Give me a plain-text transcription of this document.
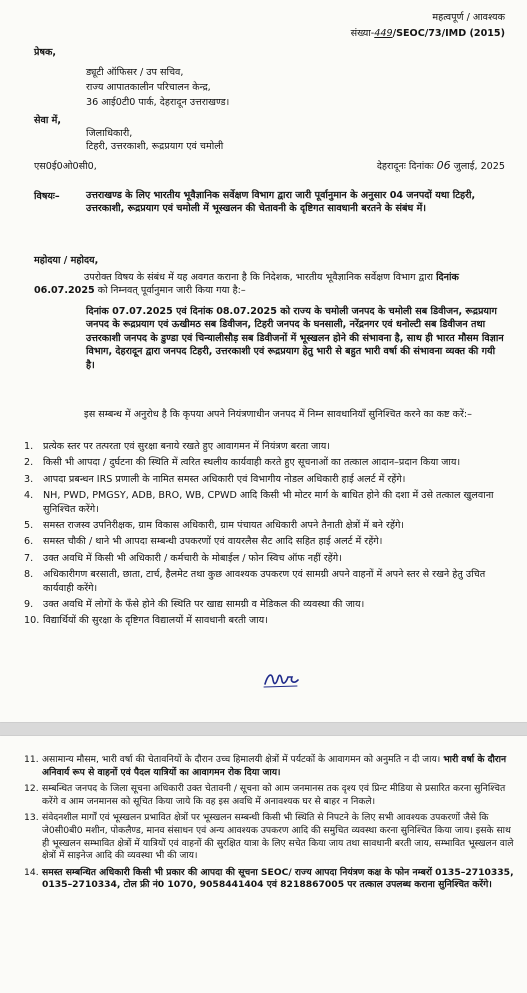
महत्वपूर्ण / आवश्यक
संख्या-449/SEOC/73/IMD (2015)
प्रेषक,
ड्यूटी ऑफिसर / उप सचिव,
राज्य आपातकालीन परिचालन केन्द्र,
36 आई0टी0 पार्क, देहरादून उत्तराखण्ड।
सेवा में,
जिलाधिकारी,
टिहरी, उत्तरकाशी, रूद्रप्रयाग एवं चमोली
एस0ई0ओ0सी0,	देहरादूनः दिनांकः 06 जुलाई, 2025
विषयः–	उत्तराखण्ड के लिए भारतीय भूवैज्ञानिक सर्वेक्षण विभाग द्वारा जारी पूर्वानुमान के अनुसार 04 जनपदों यथा टिहरी, उत्तरकाशी, रूद्रप्रयाग एवं चमोली में भूस्खलन की चेतावनी के दृष्टिगत सावधानी बरतने के संबंध में।
महोदया / महोदय,
उपरोक्त विषय के संबंध में यह अवगत कराना है कि निदेशक, भारतीय भूवैज्ञानिक सर्वेक्षण विभाग द्वारा दिनांक 06.07.2025 को निम्नवत् पूर्वानुमान जारी किया गया है:–
दिनांक 07.07.2025 एवं दिनांक 08.07.2025 को राज्य के चमोली जनपद के चमोली सब डिवीजन, रूद्रप्रयाग जनपद के रूद्रप्रयाग एवं ऊखीमठ सब डिवीजन, टिहरी जनपद के घनसाली, नरेंद्रनगर एवं धनोल्टी सब डिवीजन तथा उत्तरकाशी जनपद के डुण्डा एवं चिन्यालीसौड़ सब डिवीजनों में भूस्खलन होने की संभावना है, साथ ही भारत मौसम विज्ञान विभाग, देहरादून द्वारा जनपद टिहरी, उत्तरकाशी एवं रूद्रप्रयाग हेतु भारी से बहुत भारी वर्षा की संभावना व्यक्त की गयी है।
इस सम्बन्ध में अनुरोध है कि कृपया अपने नियंत्रणाधीन जनपद में निम्न सावधानियाँ सुनिश्चित करने का कष्ट करें:–
1. प्रत्येक स्तर पर तत्परता एवं सुरक्षा बनाये रखते हुए आवागमन में नियंत्रण बरता जाय।
2. किसी भी आपदा / दुर्घटना की स्थिति में त्वरित स्थलीय कार्यवाही करते हुए सूचनाओं का तत्काल आदान–प्रदान किया जाय।
3. आपदा प्रबन्धन IRS प्रणाली के नामित समस्त अधिकारी एवं विभागीय नोडल अधिकारी हाई अलर्ट में रहेंगे।
4. NH, PWD, PMGSY, ADB, BRO, WB, CPWD आदि किसी भी मोटर मार्ग के बाधित होने की दशा में उसे तत्काल खुलवाना सुनिश्चित करेंगे।
5. समस्त राजस्व उपनिरीक्षक, ग्राम विकास अधिकारी, ग्राम पंचायत अधिकारी अपने तैनाती क्षेत्रों में बने रहेंगे।
6. समस्त चौकी / थाने भी आपदा सम्बन्धी उपकरणों एवं वायरलैस सैट आदि सहित हाई अलर्ट में रहेंगे।
7. उक्त अवधि में किसी भी अधिकारी / कर्मचारी के मोबाईल / फोन स्विच ऑफ नहीं रहेंगे।
8. अधिकारीगण बरसाती, छाता, टार्च, हैलमेट तथा कुछ आवश्यक उपकरण एवं सामग्री अपने वाहनों में अपने स्तर से रखने हेतु उचित कार्यवाही करेंगे।
9. उक्त अवधि में लोगों के फँसे होने की स्थिति पर खाद्य सामग्री व मेडिकल की व्यवस्था की जाय।
10. विद्यार्थियों की सुरक्षा के दृष्टिगत विद्यालयों में सावधानी बरती जाय।
11. असामान्य मौसम, भारी वर्षा की चेतावनियों के दौरान उच्च हिमालयी क्षेत्रों में पर्यटकों के आवागमन को अनुमति न दी जाय। भारी वर्षा के दौरान अनिवार्य रूप से वाहनों एवं पैदल यात्रियों का आवागमन रोक दिया जाय।
12. सम्बन्धित जनपद के जिला सूचना अधिकारी उक्त चेतावनी / सूचना को आम जनमानस तक दृश्य एवं प्रिन्ट मीडिया से प्रसारित करना सुनिश्चित करेंगे व आम जनमानस को सूचित किया जाये कि वह इस अवधि में अनावश्यक घर से बाहर न निकले।
13. संवेदनशील मार्गों एवं भूस्खलन प्रभावित क्षेत्रों पर भूस्खलन सम्बन्धी किसी भी स्थिति से निपटने के लिए सभी आवश्यक उपकरणों जैसे कि जे0सी0बी0 मशीन, पोकलैण्ड, मानव संसाधन एवं अन्य आवश्यक उपकरण आदि की समुचित व्यवस्था करना सुनिश्चित किया जाय। इसके साथ ही भूस्खलन सम्भावित क्षेत्रों में यात्रियों एवं वाहनों की सुरक्षित यात्रा के लिए सचेत किया जाय तथा सावधानी बरती जाय, सम्भावित भूस्खलन वाले क्षेत्रों में साइनेज आदि की व्यवस्था भी की जाय।
14. समस्त सम्बन्धित अधिकारी किसी भी प्रकार की आपदा की सूचना SEOC/ राज्य आपदा नियंत्रण कक्ष के फोन नम्बरों 0135–2710335, 0135–2710334, टोल फ्री नं0 1070, 9058441404 एवं 8218867005 पर तत्काल उपलब्ध कराना सुनिश्चित करेंगे।
